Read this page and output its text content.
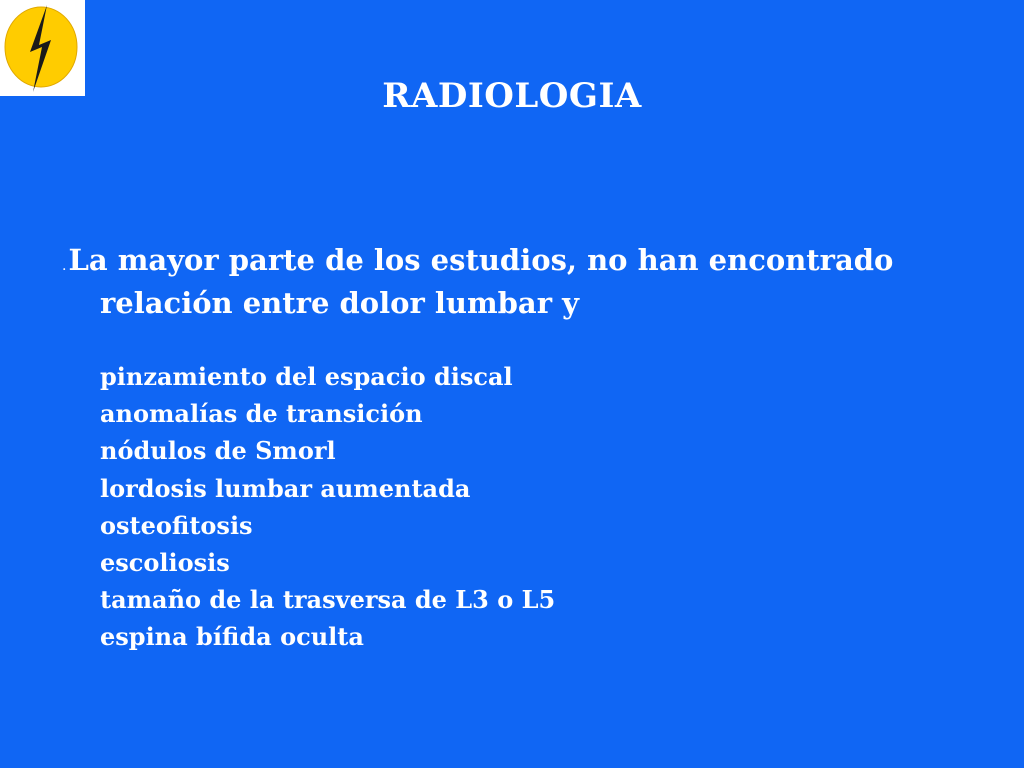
RADIOLOGIA

.La mayor parte de los estudios, no han encontrado
relación entre dolor lumbar y

pinzamiento del espacio discal
anomalías de transición
nódulos de Smorl
lordosis lumbar aumentada
osteofitosis
escoliosis
tamaño de la trasversa de L3 o L5
espina bífida oculta
